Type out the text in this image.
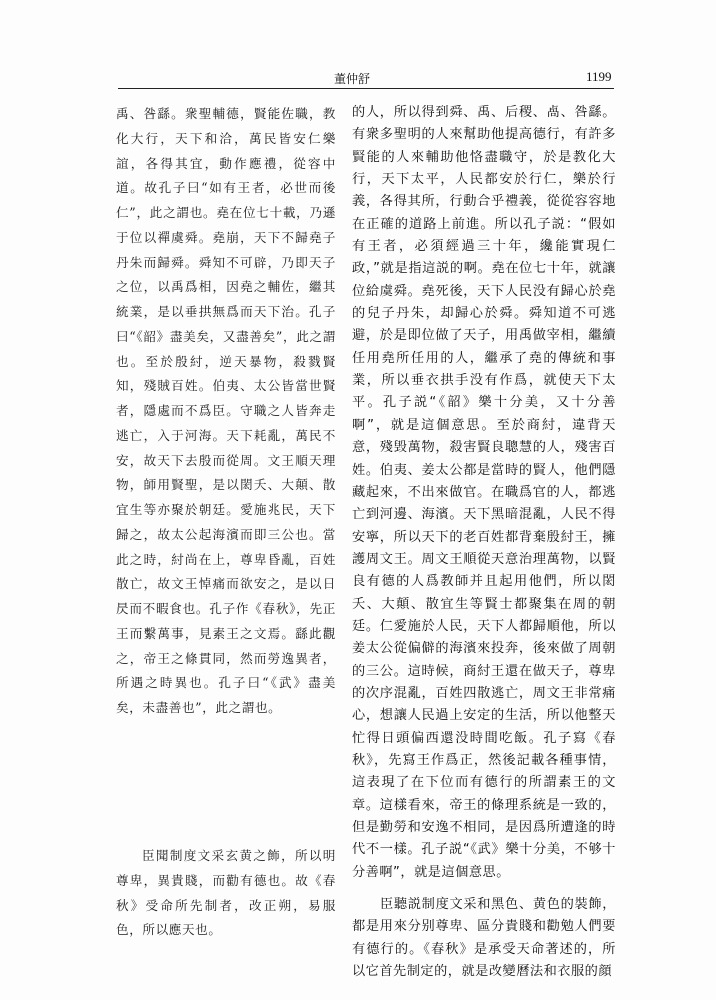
董仲舒	1199

禹、咎繇。衆聖輔德，賢能佐職，教化大行，天下和洽，萬民皆安仁樂誼，各得其宜，動作應禮，從容中道。故孔子曰“如有王者，必世而後仁”，此之謂也。堯在位七十載，乃遜于位以禪虞舜。堯崩，天下不歸堯子丹朱而歸舜。舜知不可辟，乃即天子之位，以禹爲相，因堯之輔佐，繼其統業，是以垂拱無爲而天下治。孔子曰“《韶》盡美矣，又盡善矣”，此之謂也。至於殷紂，逆天暴物，殺戮賢知，殘賊百姓。伯夷、太公皆當世賢者，隱處而不爲臣。守職之人皆奔走逃亡，入于河海。天下耗亂，萬民不安，故天下去殷而從周。文王順天理物，師用賢聖，是以閎夭、大顛、散宜生等亦聚於朝廷。愛施兆民，天下歸之，故太公起海濱而即三公也。當此之時，紂尚在上，尊卑昏亂，百姓散亡，故文王悼痛而欲安之，是以日昃而不暇食也。孔子作《春秋》，先正王而繫萬事，見素王之文焉。繇此觀之，帝王之條貫同，然而勞逸異者，所遇之時異也。孔子曰“《武》盡美矣，未盡善也”，此之謂也。

臣聞制度文采玄黄之飾，所以明尊卑，異貴賤，而勸有德也。故《春秋》受命所先制者，改正朔，易服色，所以應天也。

的人，所以得到舜、禹、后稷、卨、咎繇。有衆多聖明的人來幫助他提高德行，有許多賢能的人來輔助他恪盡職守，於是教化大行，天下太平，人民都安於行仁，樂於行義，各得其所，行動合乎禮義，從從容容地在正確的道路上前進。所以孔子説：“假如有王者，必須經過三十年，纔能實現仁政，”就是指這説的啊。堯在位七十年，就讓位給虞舜。堯死後，天下人民没有歸心於堯的兒子丹朱，却歸心於舜。舜知道不可逃避，於是即位做了天子，用禹做宰相，繼續任用堯所任用的人，繼承了堯的傳統和事業，所以垂衣拱手没有作爲，就使天下太平。孔子説“《韶》樂十分美，又十分善啊”，就是這個意思。至於商紂，違背天意，殘毁萬物，殺害賢良聰慧的人，殘害百姓。伯夷、姜太公都是當時的賢人，他們隱藏起來，不出來做官。在職爲官的人，都逃亡到河邊、海濱。天下黑暗混亂，人民不得安寧，所以天下的老百姓都背棄殷紂王，擁護周文王。周文王順從天意治理萬物，以賢良有德的人爲教師并且起用他們，所以閎夭、大顛、散宜生等賢士都聚集在周的朝廷。仁愛施於人民，天下人都歸順他，所以姜太公從偏僻的海濱來投奔，後來做了周朝的三公。這時候，商紂王還在做天子，尊卑的次序混亂，百姓四散逃亡，周文王非常痛心，想讓人民過上安定的生活，所以他整天忙得日頭偏西還没時間吃飯。孔子寫《春秋》，先寫王作爲正，然後記載各種事情，這表現了在下位而有德行的所謂素王的文章。這樣看來，帝王的條理系統是一致的，但是勤勞和安逸不相同，是因爲所遭逢的時代不一樣。孔子説“《武》樂十分美，不够十分善啊”，就是這個意思。

臣聽説制度文采和黑色、黄色的裝飾，都是用來分别尊卑、區分貴賤和勸勉人們要有德行的。《春秋》是承受天命著述的，所以它首先制定的，就是改變曆法和衣服的顔
